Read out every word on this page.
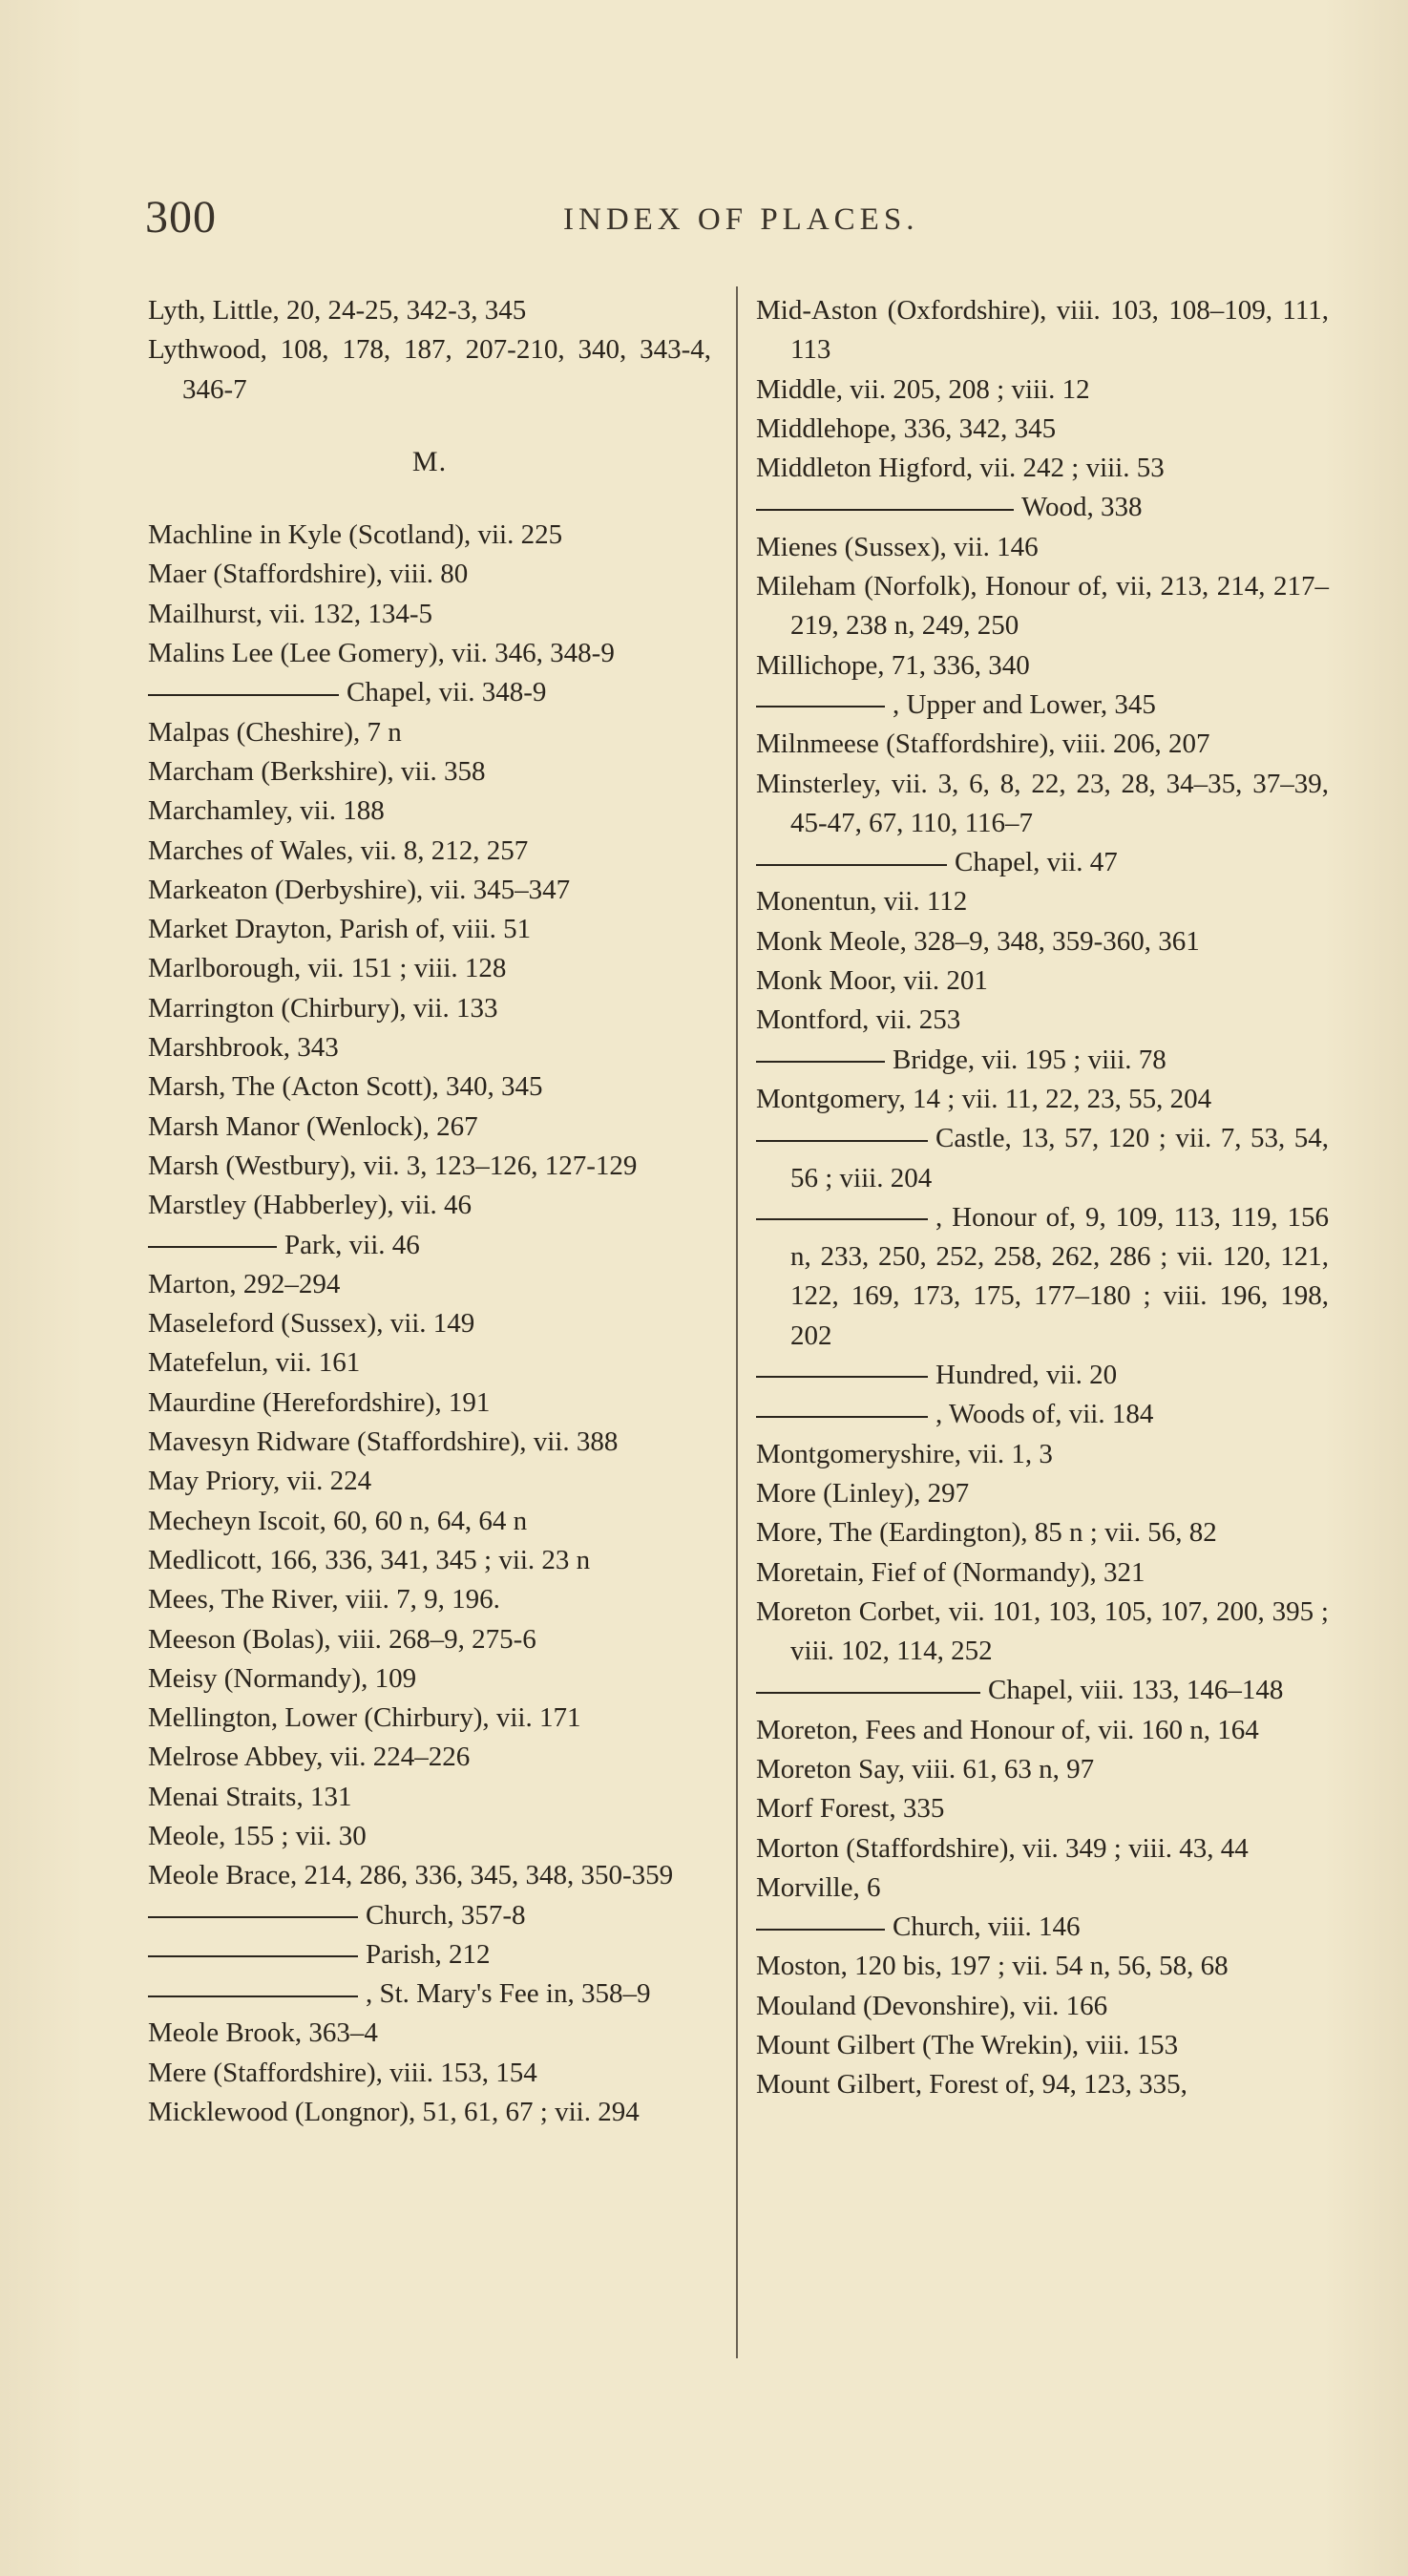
300	INDEX OF PLACES.
Lyth, Little, 20, 24-25, 342-3, 345
Lythwood, 108, 178, 187, 207-210, 340, 343-4, 346-7
M.
Machline in Kyle (Scotland), vii. 225
Maer (Staffordshire), viii. 80
Mailhurst, vii. 132, 134-5
Malins Lee (Lee Gomery), vii. 346, 348-9
Chapel, vii. 348-9
Malpas (Cheshire), 7 n
Marcham (Berkshire), vii. 358
Marchamley, vii. 188
Marches of Wales, vii. 8, 212, 257
Markeaton (Derbyshire), vii. 345–347
Market Drayton, Parish of, viii. 51
Marlborough, vii. 151 ; viii. 128
Marrington (Chirbury), vii. 133
Marshbrook, 343
Marsh, The (Acton Scott), 340, 345
Marsh Manor (Wenlock), 267
Marsh (Westbury), vii. 3, 123–126, 127-129
Marstley (Habberley), vii. 46
Park, vii. 46
Marton, 292–294
Maseleford (Sussex), vii. 149
Matefelun, vii. 161
Maurdine (Herefordshire), 191
Mavesyn Ridware (Staffordshire), vii. 388
May Priory, vii. 224
Mecheyn Iscoit, 60, 60 n, 64, 64 n
Medlicott, 166, 336, 341, 345 ; vii. 23 n
Mees, The River, viii. 7, 9, 196.
Meeson (Bolas), viii. 268–9, 275-6
Meisy (Normandy), 109
Mellington, Lower (Chirbury), vii. 171
Melrose Abbey, vii. 224–226
Menai Straits, 131
Meole, 155 ; vii. 30
Meole Brace, 214, 286, 336, 345, 348, 350-359
Church, 357-8
Parish, 212
, St. Mary's Fee in, 358–9
Meole Brook, 363–4
Mere (Staffordshire), viii. 153, 154
Micklewood (Longnor), 51, 61, 67 ; vii. 294
Mid-Aston (Oxfordshire), viii. 103, 108–109, 111, 113
Middle, vii. 205, 208 ; viii. 12
Middlehope, 336, 342, 345
Middleton Higford, vii. 242 ; viii. 53
Wood, 338
Mienes (Sussex), vii. 146
Mileham (Norfolk), Honour of, vii, 213, 214, 217–219, 238 n, 249, 250
Millichope, 71, 336, 340
, Upper and Lower, 345
Milnmeese (Staffordshire), viii. 206, 207
Minsterley, vii. 3, 6, 8, 22, 23, 28, 34–35, 37–39, 45-47, 67, 110, 116–7
Chapel, vii. 47
Monentun, vii. 112
Monk Meole, 328–9, 348, 359-360, 361
Monk Moor, vii. 201
Montford, vii. 253
Bridge, vii. 195 ; viii. 78
Montgomery, 14 ; vii. 11, 22, 23, 55, 204
Castle, 13, 57, 120 ; vii. 7, 53, 54, 56 ; viii. 204
, Honour of, 9, 109, 113, 119, 156 n, 233, 250, 252, 258, 262, 286 ; vii. 120, 121, 122, 169, 173, 175, 177–180 ; viii. 196, 198, 202
Hundred, vii. 20
, Woods of, vii. 184
Montgomeryshire, vii. 1, 3
More (Linley), 297
More, The (Eardington), 85 n ; vii. 56, 82
Moretain, Fief of (Normandy), 321
Moreton Corbet, vii. 101, 103, 105, 107, 200, 395 ; viii. 102, 114, 252
Chapel, viii. 133, 146–148
Moreton, Fees and Honour of, vii. 160 n, 164
Moreton Say, viii. 61, 63 n, 97
Morf Forest, 335
Morton (Staffordshire), vii. 349 ; viii. 43, 44
Morville, 6
Church, viii. 146
Moston, 120 bis, 197 ; vii. 54 n, 56, 58, 68
Mouland (Devonshire), vii. 166
Mount Gilbert (The Wrekin), viii. 153
Mount Gilbert, Forest of, 94, 123, 335,
